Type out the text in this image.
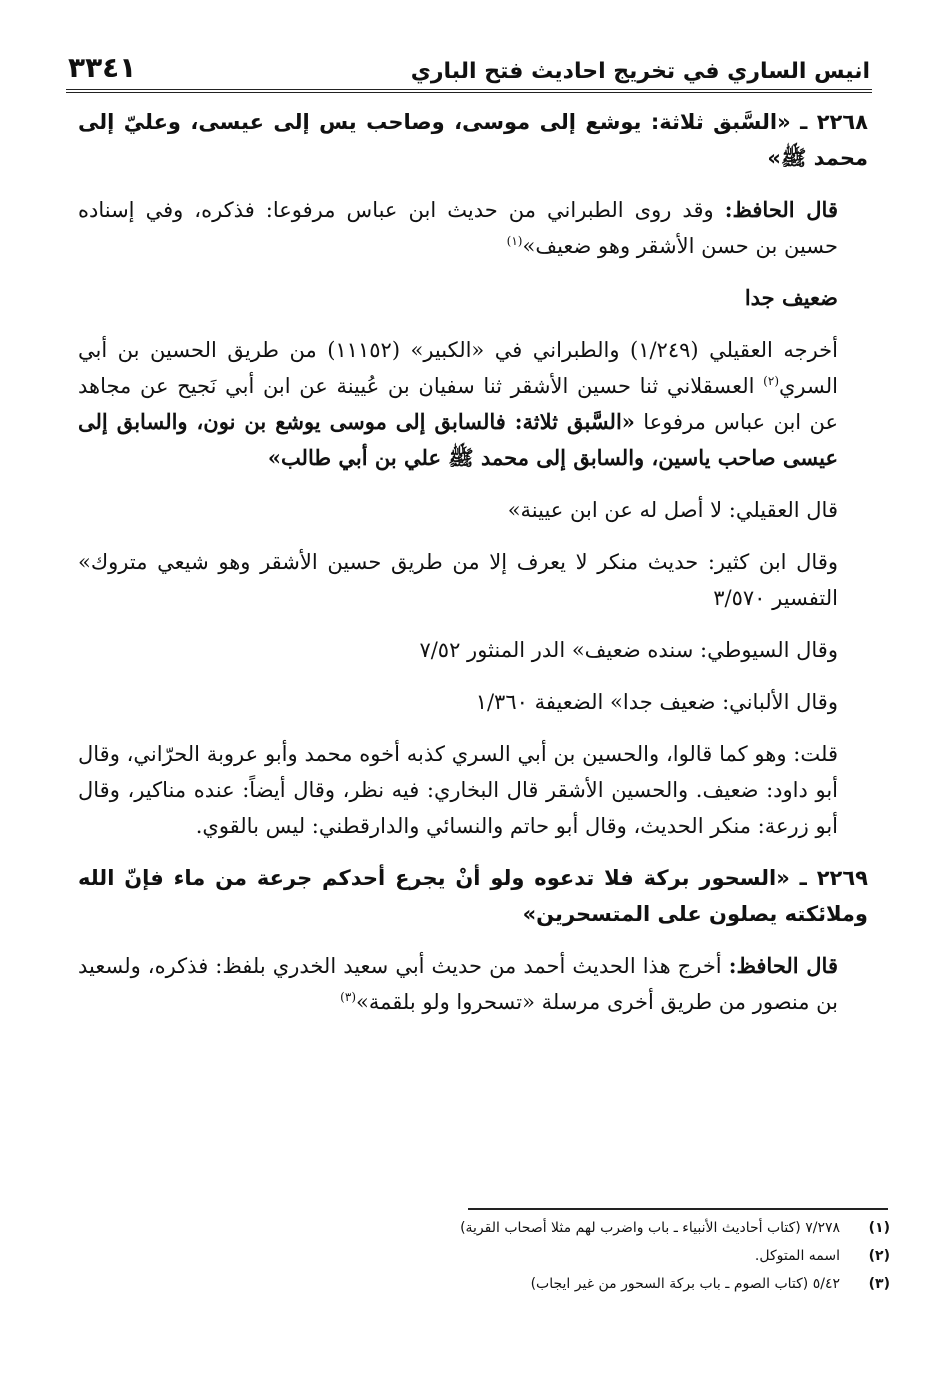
انيس الساري في تخريج احاديث فتح الباري
٣٣٤١

٢٢٦٨ ـ «السَّبق ثلاثة: يوشع إلى موسى، وصاحب يس إلى عيسى، وعليّ إلى محمد ﷺ»

قال الحافظ: وقد روى الطبراني من حديث ابن عباس مرفوعا: فذكره، وفي إسناده حسين بن حسن الأشقر وهو ضعيف»$^{(١)}$

ضعيف جدا

أخرجه العقيلي (١/٢٤٩) والطبراني في «الكبير» (١١١٥٢) من طريق الحسين بن أبي السري$^{(٢)}$ العسقلاني ثنا حسين الأشقر ثنا سفيان بن عُيينة عن ابن أبي نَجيح عن مجاهد عن ابن عباس مرفوعا «السَّبق ثلاثة: فالسابق إلى موسى يوشع بن نون، والسابق إلى عيسى صاحب ياسين، والسابق إلى محمد ﷺ علي بن أبي طالب»

قال العقيلي: لا أصل له عن ابن عيينة»

وقال ابن كثير: حديث منكر لا يعرف إلا من طريق حسين الأشقر وهو شيعي متروك» التفسير ٣/٥٧٠

وقال السيوطي: سنده ضعيف» الدر المنثور ٧/٥٢

وقال الألباني: ضعيف جدا» الضعيفة ١/٣٦٠

قلت: وهو كما قالوا، والحسين بن أبي السري كذبه أخوه محمد وأبو عروبة الحرّاني، وقال أبو داود: ضعيف. والحسين الأشقر قال البخاري: فيه نظر، وقال أيضاً: عنده مناكير، وقال أبو زرعة: منكر الحديث، وقال أبو حاتم والنسائي والدارقطني: ليس بالقوي.

٢٢٦٩ ـ «السحور بركة فلا تدعوه ولو أنْ يجرع أحدكم جرعة من ماء فإنّ الله وملائكته يصلون على المتسحرين»

قال الحافظ: أخرج هذا الحديث أحمد من حديث أبي سعيد الخدري بلفظ: فذكره، ولسعيد بن منصور من طريق أخرى مرسلة «تسحروا ولو بلقمة»$^{(٣)}$

(١)
٧/٢٧٨ (كتاب أحاديث الأنبياء ـ باب واضرب لهم مثلا أصحاب القرية)
(٢)
اسمه المتوكل.
(٣)
٥/٤٢ (كتاب الصوم ـ باب بركة السحور من غير ايجاب)
